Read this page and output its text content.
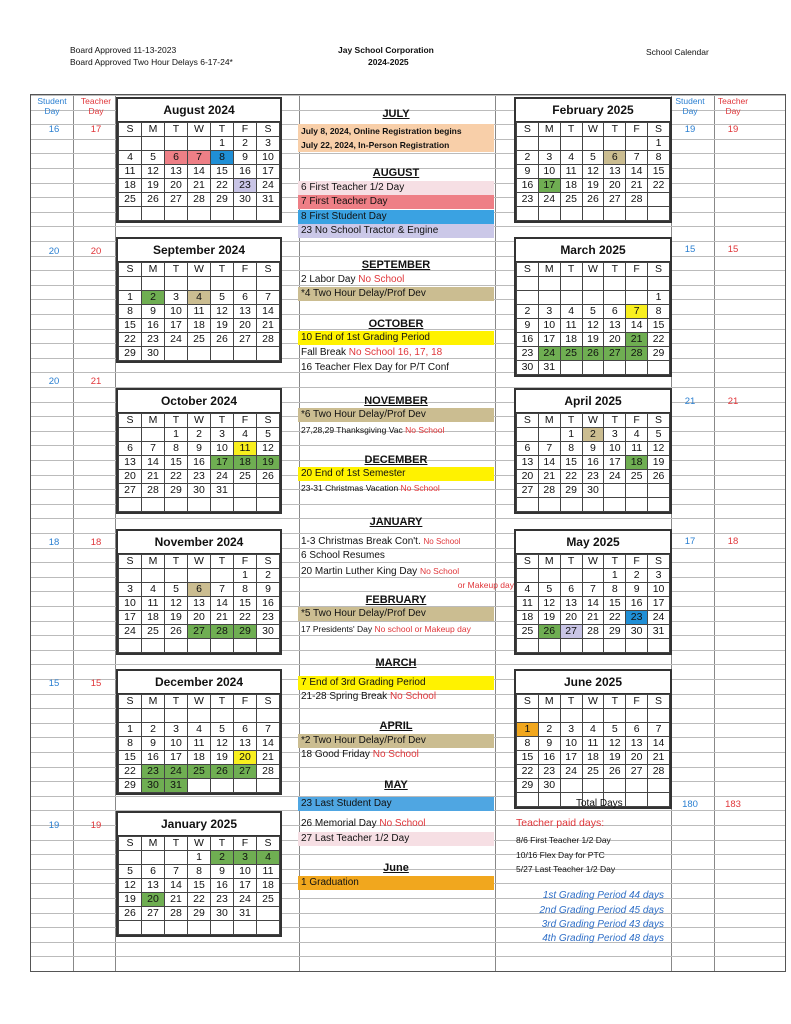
Board Approved 11-13-2023
Board Approved Two Hour Delays 6-17-24*
Jay School Corporation
2024-2025
School Calendar
Student Day
Teacher Day
Student Day
Teacher Day
16	17
20	20
20	21
18	18
15	15
19	19
19	19
15	15
21	21
17	18
August 2024
S	M	T	W	T	F	S
				1	2	3
4	5	6	7	8	9	10
11	12	13	14	15	16	17
18	19	20	21	22	23	24
25	26	27	28	29	30	31

September 2024
S	M	T	W	T	F	S

1	2	3	4	5	6	7
8	9	10	11	12	13	14
15	16	17	18	19	20	21
22	23	24	25	26	27	28
29	30					
October 2024
S	M	T	W	T	F	S
		1	2	3	4	5
6	7	8	9	10	11	12
13	14	15	16	17	18	19
20	21	22	23	24	25	26
27	28	29	30	31		

November 2024
S	M	T	W	T	F	S
					1	2
3	4	5	6	7	8	9
10	11	12	13	14	15	16
17	18	19	20	21	22	23
24	25	26	27	28	29	30

December 2024
S	M	T	W	T	F	S

1	2	3	4	5	6	7
8	9	10	11	12	13	14
15	16	17	18	19	20	21
22	23	24	25	26	27	28
29	30	31				
January 2025
S	M	T	W	T	F	S
			1	2	3	4
5	6	7	8	9	10	11
12	13	14	15	16	17	18
19	20	21	22	23	24	25
26	27	28	29	30	31	

February 2025
S	M	T	W	T	F	S
						1
2	3	4	5	6	7	8
9	10	11	12	13	14	15
16	17	18	19	20	21	22
23	24	25	26	27	28	

March 2025
S	M	T	W	T	F	S

						1
2	3	4	5	6	7	8
9	10	11	12	13	14	15
16	17	18	19	20	21	22
23	24	25	26	27	28	29
30	31					
April 2025
S	M	T	W	T	F	S
		1	2	3	4	5
6	7	8	9	10	11	12
13	14	15	16	17	18	19
20	21	22	23	24	25	26
27	28	29	30			

May 2025
S	M	T	W	T	F	S
				1	2	3
4	5	6	7	8	9	10
11	12	13	14	15	16	17
18	19	20	21	22	23	24
25	26	27	28	29	30	31

June 2025
S	M	T	W	T	F	S

1	2	3	4	5	6	7
8	9	10	11	12	13	14
15	16	17	18	19	20	21
22	23	24	25	26	27	28
29	30					

JULY
July 8, 2024, Online Registration begins
July 22, 2024, In-Person Registration
AUGUST
6 First Teacher 1/2 Day
7 First Teacher Day
8 First Student Day
23 No School Tractor & Engine
SEPTEMBER
2 Labor Day No School
*4 Two Hour Delay/Prof Dev
OCTOBER
10 End of 1st Grading Period
Fall Break No School 16, 17, 18
16 Teacher Flex Day for P/T Conf
NOVEMBER
*6 Two Hour Delay/Prof Dev
27,28,29 Thanksgiving Vac No School
DECEMBER
20 End of 1st Semester
23-31 Christmas Vacation No School
JANUARY
1-3 Christmas Break Con't. No School
6 School Resumes
20 Martin Luther King Day No School
or Makeup day
FEBRUARY
*5 Two Hour Delay/Prof Dev
17 Presidents' Day No school or Makeup day
MARCH
7 End of 3rd Grading Period
21-28 Spring Break No School
APRIL
*2 Two Hour Delay/Prof Dev
18 Good Friday No School
MAY
23 Last Student Day
26 Memorial Day No School
27 Last Teacher 1/2 Day
June
1 Graduation
Total Days	180	183
Teacher paid days:
8/6 First Teacher 1/2 Day
10/16 Flex Day for PTC
5/27 Last Teacher 1/2 Day
1st Grading Period 44 days
2nd Grading Period 45 days
3rd Grading Period 43 days
4th Grading Period 48 days
